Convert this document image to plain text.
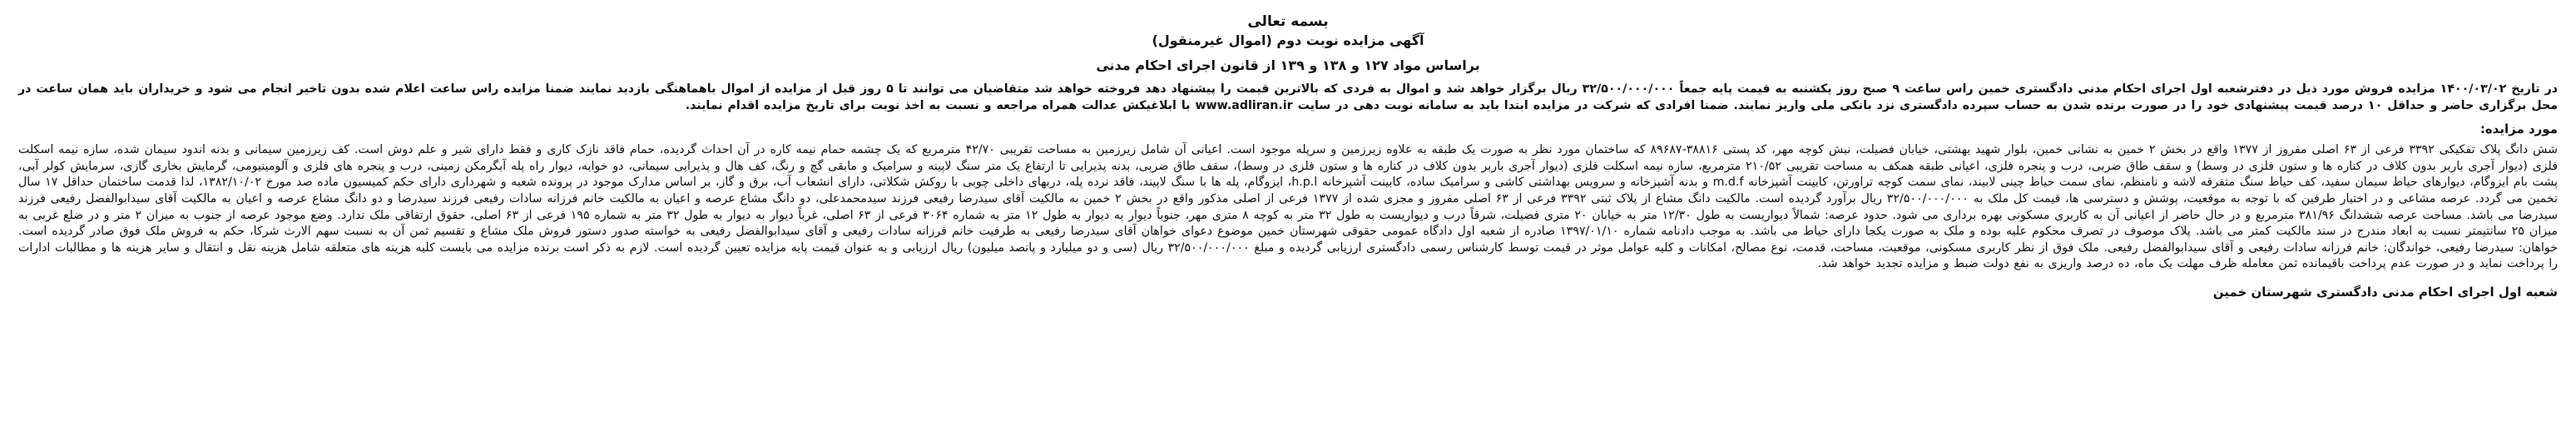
بسمه تعالی

آگهی مزایده نوبت دوم (اموال غیرمنقول)

براساس مواد ۱۲۷ و ۱۳۸ و ۱۳۹ از قانون اجرای احکام مدنی

در تاریخ ۱۴۰۰/۰۳/۰۲ مزایده فروش مورد ذیل در دفترشعبه اول اجرای احکام مدنی دادگستری خمین راس ساعت ۹ صبح روز یکشنبه به قیمت پایه جمعاً ۳۲/۵۰۰/۰۰۰/۰۰۰ ریال برگزار خواهد شد و اموال به فردی که بالاترین قیمت را پیشنهاد دهد فروخته خواهد شد متقاضیان می توانند تا ۵ روز قبل از مزایده از اموال باهماهنگی بازدید نمایند ضمنا مزایده راس ساعت اعلام شده بدون تاخیر انجام می شود و خریداران باید همان ساعت در محل برگزاری حاضر و حداقل ۱۰ درصد قیمت پیشنهادی خود را در صورت برنده شدن به حساب سپرده دادگستری نزد بانکی ملی واریز نمایند. ضمنا افرادی که شرکت در مزایده ابتدا باید به سامانه نوبت دهی در سایت www.adliran.ir با ابلاغیکش عدالت همراه مراجعه و نسبت به اخذ نوبت برای تاریخ مزایده اقدام نمایند.

مورد مزایده:

شش دانگ پلاک تفکیکی ۳۳۹۲ فرعی از ۶۳ اصلی مفروز از ۱۳۷۷ واقع در بخش ۲ خمین به نشانی خمین، بلوار شهید بهشتی، خیابان فضیلت، نبش کوچه مهر، کد پستی ۳۸۸۱۶-۸۹۶۸۷ که ساختمان مورد نظر به صورت یک طبقه به علاوه زیرزمین و سرپله موجود است. اعیانی آن شامل زیرزمین به مساحت تقریبی ۴۲/۷۰ مترمربع که یک چشمه حمام نیمه کاره در آن احداث گردیده، حمام فاقد نازک کاری و فقط دارای شیر و علم دوش است. کف زیرزمین سیمانی و بدنه اندود سیمان شده، سازه نیمه اسکلت فلزی (دیوار آجری باربر بدون کلاف در کناره ها و ستون فلزی در وسط) و سقف طاق ضربی، درب و پنجره فلزی، اعیانی طبقه همکف به مساحت تقریبی ۲۱۰/۵۲ مترمربع، سازه نیمه اسکلت فلزی (دیوار آجری باربر بدون کلاف در کناره ها و ستون فلزی در وسط)، سقف طاق ضربی، بدنه پذیرایی تا ارتفاع یک متر سنگ لاپینه و سرامیک و مابقی گچ و رنگ، کف هال و پذیرایی سیمانی، دو خوابه، دیوار راه پله آبگرمکن زمینی، درب و پنجره های فلزی و آلومینیومی، گرمایش بخاری گازی، سرمایش کولر آبی، پشت بام ایزوگام، دیوارهای حیاط سیمان سفید، کف حیاط سنگ متفرقه لاشه و نامنظم، نمای سمت حیاط چینی لابیند، نمای سمت کوچه تراورتن، کابینت آشپزخانه m.d.f و بدنه آشپزخانه و سرویس بهداشتی کاشی و سرامیک ساده، کابینت آشپزخانه h.p.l، ایزوگام، پله ها با سنگ لاپیند، فاقد نرده پله، دربهای داخلی چوبی با روکش شکلاتی، دارای انشعاب آب، برق و گاز، بر اساس مدارک موجود در پرونده شعبه و شهرداری دارای حکم کمیسیون ماده صد مورخ ۱۳۸۲/۱۰/۰۲، لذا قدمت ساختمان حداقل ۱۷ سال تخمین می گردد. عرصه مشاعی و در اختیار طرفین که با توجه به موقعیت، پوشش و دسترسی ها، قیمت کل ملک به ۳۲/۵۰۰/۰۰۰/۰۰۰ ریال برآورد گردیده است. مالکیت دانگ مشاع از پلاک ثبتی ۳۳۹۲ فرعی از ۶۳ اصلی مفروز و مجزی شده از ۱۳۷۷ فرعی از اصلی مذکور واقع در بخش ۲ خمین به مالکیت آقای سیدرضا رفیعی فرزند سیدمحمدعلی، دو دانگ مشاع عرصه و اعیان به مالکیت خانم فرزانه سادات رفیعی فرزند سیدرضا و دو دانگ مشاع عرصه و اعیان به مالکیت آقای سیدابوالفضل رفیعی فرزند سیدرضا می باشد. مساحت عرصه ششدانگ ۳۸۱/۹۶ مترمربع و در حال حاضر از اعیانی آن به کاربری مسکونی بهره برداری می شود. حدود عرصه: شمالاً دیواریست به طول ۱۲/۳۰ متر به خیابان ۲۰ متری فضیلت، شرقاً درب و دیواریست به طول ۳۲ متر به کوچه ۸ متری مهر، جنوباً دیوار به دیوار به طول ۱۲ متر به شماره ۳۰۶۴ فرعی از ۶۳ اصلی، غرباً دیوار به دیوار به طول ۳۲ متر به شماره ۱۹۵ فرعی از ۶۳ اصلی، حقوق ارتفاقی ملک ندارد. وضع موجود عرصه از جنوب به میزان ۲ متر و در ضلع غربی به میزان ۲۵ سانتیمتر نسبت به ابعاد مندرج در سند مالکیت کمتر می باشد. پلاک موصوف در تصرف محکوم علیه بوده و ملک به صورت یکجا دارای حیاط می باشد. به موجب دادنامه شماره ۱۳۹۷/۰۱/۱۰ صادره از شعبه اول دادگاه عمومی حقوقی شهرستان خمین موضوع دعوای خواهان آقای سیدرضا رفیعی به طرفیت خانم فرزانه سادات رفیعی و آقای سیدابوالفضل رفیعی به خواسته صدور دستور فروش ملک مشاع و تقسیم ثمن آن به نسبت سهم الارث شرکا، حکم به فروش ملک فوق صادر گردیده است. خواهان: سیدرضا رفیعی، خواندگان: خانم فرزانه سادات رفیعی و آقای سیدابوالفضل رفیعی. ملک فوق از نظر کاربری مسکونی، موقعیت، مساحت، قدمت، نوع مصالح، امکانات و کلیه عوامل موثر در قیمت توسط کارشناس رسمی دادگستری ارزیابی گردیده و مبلغ ۳۲/۵۰۰/۰۰۰/۰۰۰ ریال (سی و دو میلیارد و پانصد میلیون) ریال ارزیابی و به عنوان قیمت پایه مزایده تعیین گردیده است. لازم به ذکر است برنده مزایده می بایست کلیه هزینه های متعلقه شامل هزینه نقل و انتقال و سایر هزینه ها و مطالبات ادارات را پرداخت نماید و در صورت عدم پرداخت باقیمانده ثمن معامله ظرف مهلت یک ماه، ده درصد واریزی به نفع دولت ضبط و مزایده تجدید خواهد شد.

شعبه اول اجرای احکام مدنی دادگستری شهرستان خمین
